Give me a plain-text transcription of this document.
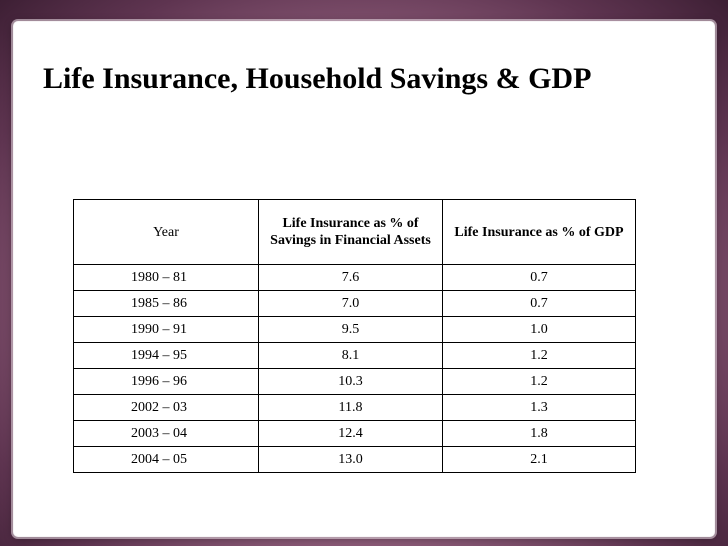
Life Insurance, Household Savings & GDP
Year	Life Insurance as % of Savings in Financial Assets	Life Insurance as % of GDP
1980 – 81	7.6	0.7
1985 – 86	7.0	0.7
1990 – 91	9.5	1.0
1994 – 95	8.1	1.2
1996 – 96	10.3	1.2
2002 – 03	11.8	1.3
2003 – 04	12.4	1.8
2004 – 05	13.0	2.1
